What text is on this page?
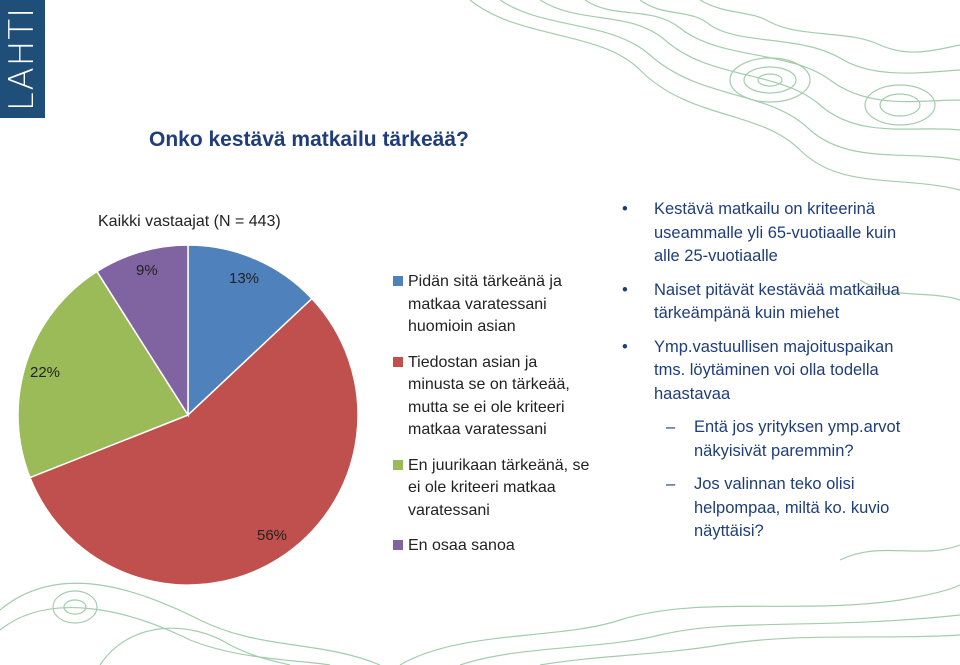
LAHTI
Onko kestävä matkailu tärkeää?
Kaikki vastaajat (N = 443)
13%
56%
22%
9%
Pidän sitä tärkeänä ja
matkaa varatessani
huomioin asian
Tiedostan asian ja
minusta se on tärkeää,
mutta se ei ole kriteeri
matkaa varatessani
En juurikaan tärkeänä, se
ei ole kriteeri matkaa
varatessani
En osaa sanoa
• Kestävä matkailu on kriteerinä
useammalle yli 65-vuotiaalle kuin
alle 25-vuotiaalle
• Naiset pitävät kestävää matkailua
tärkeämpänä kuin miehet
• Ymp.vastuullisen majoituspaikan
tms. löytäminen voi olla todella
haastavaa
– Entä jos yrityksen ymp.arvot
näkyisivät paremmin?
– Jos valinnan teko olisi
helpompaa, miltä ko. kuvio
näyttäisi?
